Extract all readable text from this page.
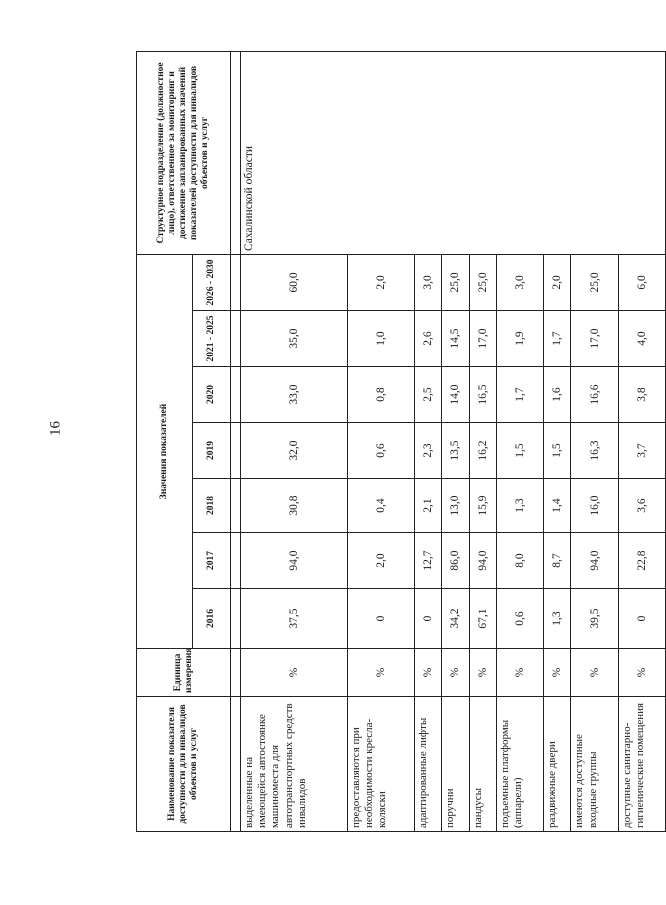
16
Наименование показателя доступности для инвалидов объектов и услуг	Единица измерения	Значения показателей							Структурное подразделение (должностное лицо), ответственное за мониторинг и достижение запланированных значений показателей доступности для инвалидов объектов и услуг
		2016	2017	2018	2019	2020	2021 - 2025	2026 - 2030	

выделенные на имеющейся автостоянке машиноместа для автотранспортных средств инвалидов	%	37,5	94,0	30,8	32,0	33,0	35,0	60,0	Сахалинской области
предоставляются при необходимости кресла-коляски	%	0	2,0	0,4	0,6	0,8	1,0	2,0	
адаптированные лифты	%	0	12,7	2,1	2,3	2,5	2,6	3,0	
поручни	%	34,2	86,0	13,0	13,5	14,0	14,5	25,0	
пандусы	%	67,1	94,0	15,9	16,2	16,5	17,0	25,0	
подъемные платформы (аппарели)	%	0,6	8,0	1,3	1,5	1,7	1,9	3,0	
раздвижные двери	%	1,3	8,7	1,4	1,5	1,6	1,7	2,0	
имеются доступные входные группы	%	39,5	94,0	16,0	16,3	16,6	17,0	25,0	
доступные санитарно-гигиенические помещения	%	0	22,8	3,6	3,7	3,8	4,0	6,0	
